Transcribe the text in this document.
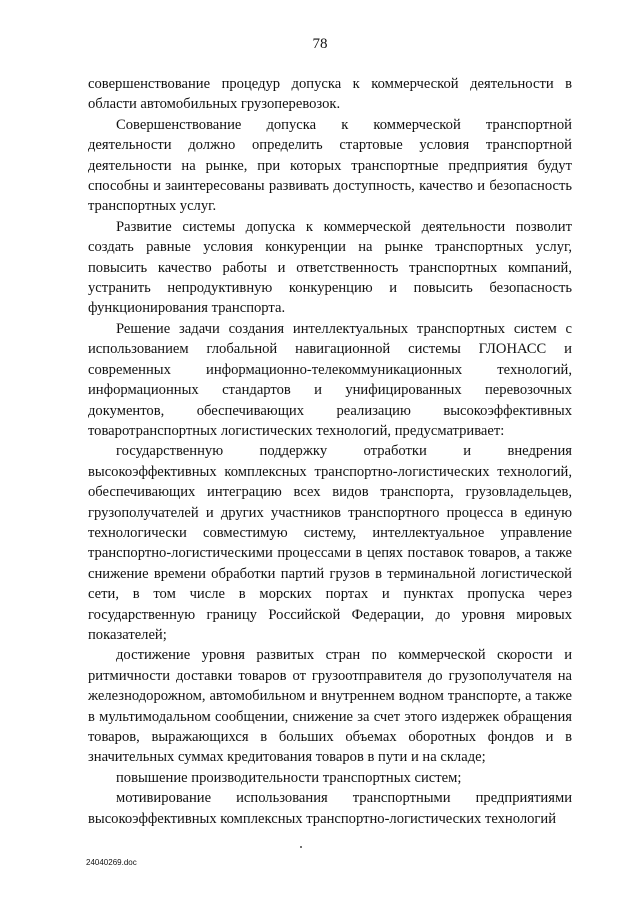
78

совершенствование процедур допуска к коммерческой деятельности в области автомобильных грузоперевозок.

Совершенствование допуска к коммерческой транспортной деятельности должно определить стартовые условия транспортной деятельности на рынке, при которых транспортные предприятия будут способны и заинтересованы развивать доступность, качество и безопасность транспортных услуг.

Развитие системы допуска к коммерческой деятельности позволит создать равные условия конкуренции на рынке транспортных услуг, повысить качество работы и ответственность транспортных компаний, устранить непродуктивную конкуренцию и повысить безопасность функционирования транспорта.

Решение задачи создания интеллектуальных транспортных систем с использованием глобальной навигационной системы ГЛОНАСС и современных информационно-телекоммуникационных технологий, информационных стандартов и унифицированных перевозочных документов, обеспечивающих реализацию высокоэффективных товаротранспортных логистических технологий, предусматривает:

государственную поддержку отработки и внедрения высокоэффективных комплексных транспортно-логистических технологий, обеспечивающих интеграцию всех видов транспорта, грузовладельцев, грузополучателей и других участников транспортного процесса в единую технологически совместимую систему, интеллектуальное управление транспортно-логистическими процессами в цепях поставок товаров, а также снижение времени обработки партий грузов в терминальной логистической сети, в том числе в морских портах и пунктах пропуска через государственную границу Российской Федерации, до уровня мировых показателей;

достижение уровня развитых стран по коммерческой скорости и ритмичности доставки товаров от грузоотправителя до грузополучателя на железнодорожном, автомобильном и внутреннем водном транспорте, а также в мультимодальном сообщении, снижение за счет этого издержек обращения товаров, выражающихся в больших объемах оборотных фондов и в значительных суммах кредитования товаров в пути и на складе;

повышение производительности транспортных систем;

мотивирование использования транспортными предприятиями высокоэффективных комплексных транспортно-логистических технологий

24040269.doc
